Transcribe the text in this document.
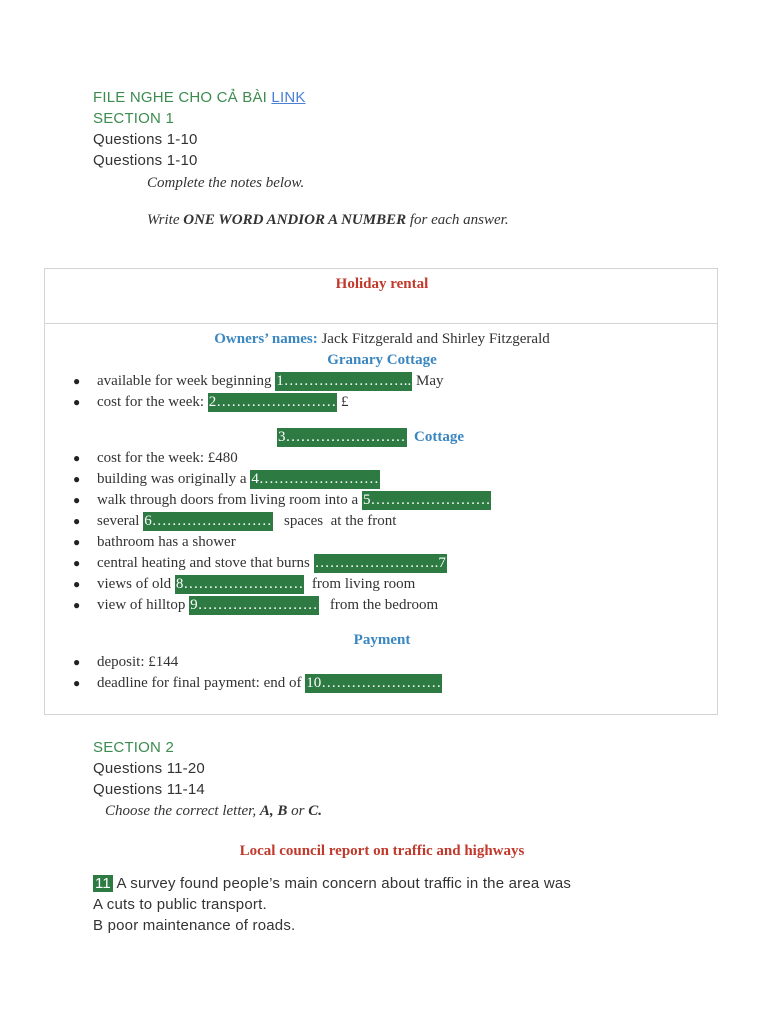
FILE NGHE CHO CẢ BÀI LINK
SECTION 1
Questions 1-10
Questions 1-10
Complete the notes below.
Write ONE WORD ANDIOR A NUMBER for each answer.
Holiday rental
Owners’ names: Jack Fitzgerald and Shirley Fitzgerald
Granary Cottage
available for week beginning 1…………………….. May
cost for the week: 2…………………… £
3…………………… Cottage
cost for the week: £480
building was originally a 4……………………
walk through doors from living room into a 5……………………
several 6……………………   spaces  at the front
bathroom has a shower
central heating and stove that burns …………………….7
views of old 8……………………  from living room
view of hilltop 9……………………   from the bedroom
Payment
deposit: £144
deadline for final payment: end of 10……………………
SECTION 2
Questions 11-20
Questions 11-14
Choose the correct letter, A, B or C.
Local council report on traffic and highways
11 A survey found people’s main concern about traffic in the area was
A cuts to public transport.
B poor maintenance of roads.
